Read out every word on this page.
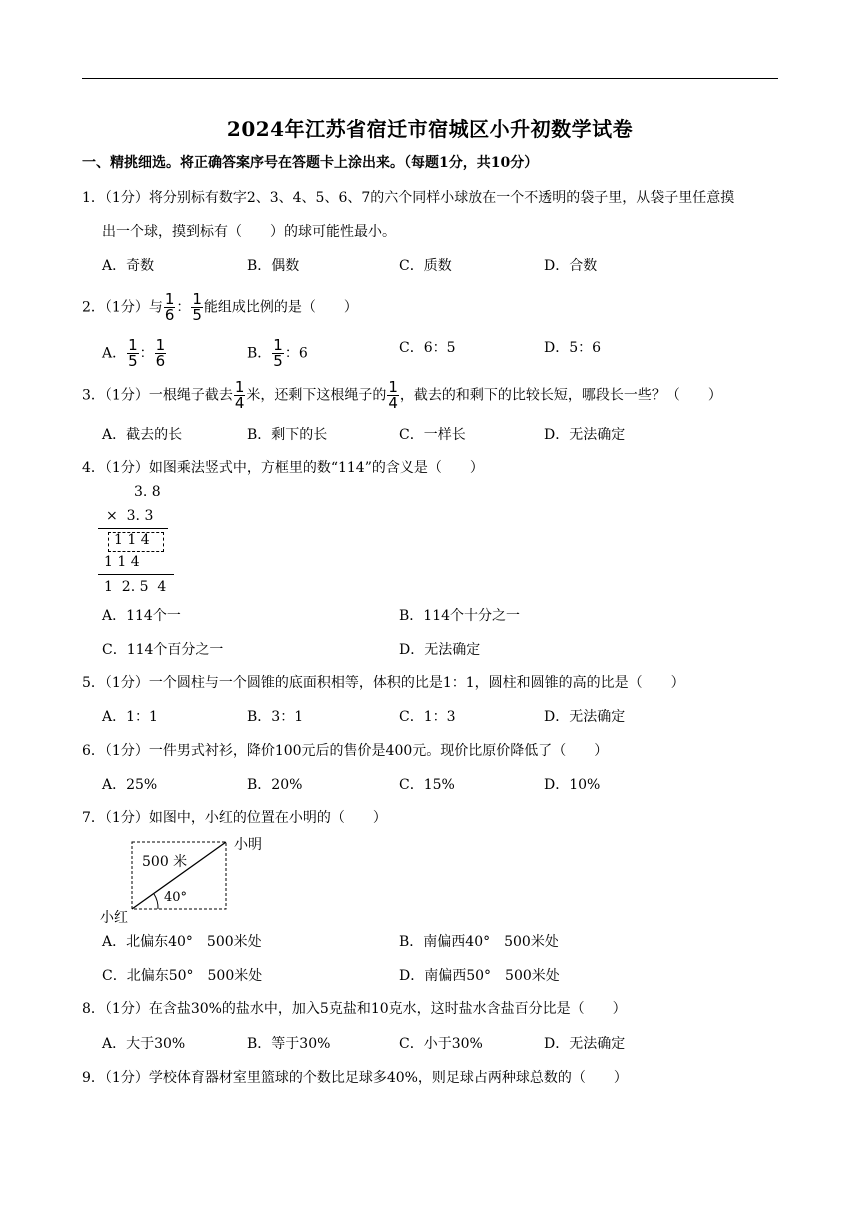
2024年江苏省宿迁市宿城区小升初数学试卷
一、精挑细选。将正确答案序号在答题卡上涂出来。（每题1分，共10分）
1．（1分）将分别标有数字2、3、4、5、6、7的六个同样小球放在一个不透明的袋子里，从袋子里任意摸
出一个球，摸到标有（　　）的球可能性最小。
A．奇数	B．偶数	C．质数	D．合数
2．（1分）与 $\frac{1}{6}$ ： $\frac{1}{5}$ 能组成比例的是（　　）
A． $\frac{1}{5}$ ： $\frac{1}{6}$	B． $\frac{1}{5}$ ：6	C．6：5	D．5：6
3．（1分）一根绳子截去 $\frac{1}{4}$ 米，还剩下这根绳子的 $\frac{1}{4}$ ，截去的和剩下的比较长短，哪段长一些？（　　）
A．截去的长	B．剩下的长	C．一样长	D．无法确定
4．（1分）如图乘法竖式中，方框里的数“114”的含义是（　　）
3. 8
×  3. 3
1 1 4
1 1 4
1  2. 5  4
A．114个一	B．114个十分之一
C．114个百分之一	D．无法确定
5．（1分）一个圆柱与一个圆锥的底面积相等，体积的比是1：1，圆柱和圆锥的高的比是（　　）
A．1：1	B．3：1	C．1：3	D．无法确定
6．（1分）一件男式衬衫，降价100元后的售价是400元。现价比原价降低了（　　）
A．25%	B．20%	C．15%	D．10%
7．（1分）如图中，小红的位置在小明的（　　）
500 米
40°
小明
小红
A．北偏东40°　500米处	B．南偏西40°　500米处
C．北偏东50°　500米处	D．南偏西50°　500米处
8．（1分）在含盐30%的盐水中，加入5克盐和10克水，这时盐水含盐百分比是（　　）
A．大于30%	B．等于30%	C．小于30%	D．无法确定
9．（1分）学校体育器材室里篮球的个数比足球多40%，则足球占两种球总数的（　　）
